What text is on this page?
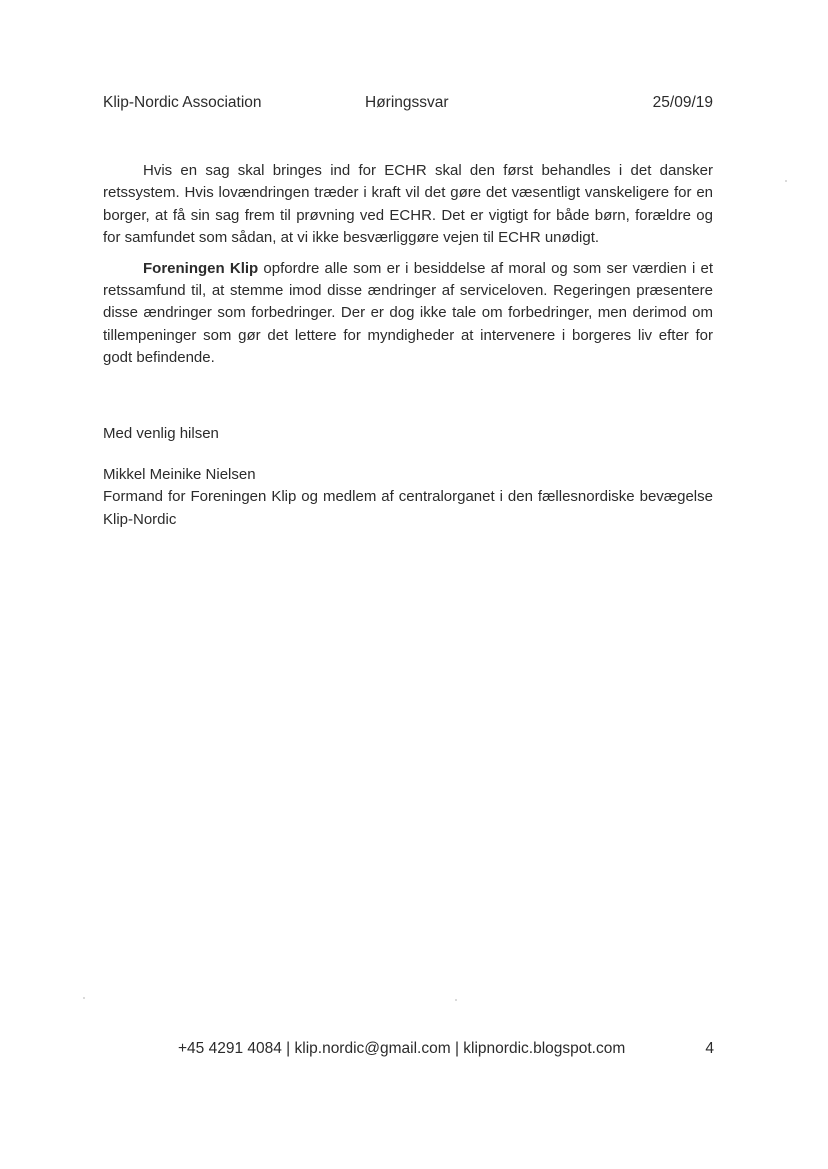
Klip-Nordic Association	Høringssvar	25/09/19

Hvis en sag skal bringes ind for ECHR skal den først behandles i det dansker retssystem. Hvis lovændringen træder i kraft vil det gøre det væsentligt vanskeligere for en borger, at få sin sag frem til prøvning ved ECHR. Det er vigtigt for både børn, forældre og for samfundet som sådan, at vi ikke besværliggøre vejen til ECHR unødigt.

Foreningen Klip opfordre alle som er i besiddelse af moral og som ser værdien i et retssamfund til, at stemme imod disse ændringer af serviceloven. Regeringen præsentere disse ændringer som forbedringer. Der er dog ikke tale om forbedringer, men derimod om tillempeninger som gør det lettere for myndigheder at intervenere i borgeres liv efter for godt befindende.

Med venlig hilsen
Mikkel Meinike Nielsen
Formand for Foreningen Klip og medlem af centralorganet i den fællesnordiske bevægelse Klip-Nordic
+45 4291 4084 | klip.nordic@gmail.com | klipnordic.blogspot.com	4
